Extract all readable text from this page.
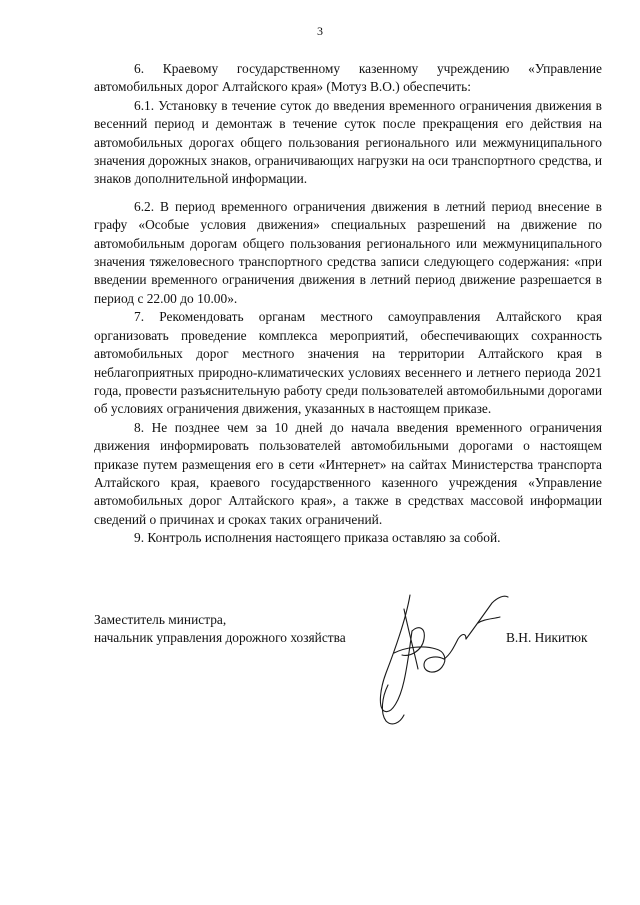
3

6. Краевому государственному казенному учреждению «Управление автомобильных дорог Алтайского края» (Мотуз В.О.) обеспечить:

6.1. Установку в течение суток до введения временного ограничения движения в весенний период и демонтаж в течение суток после прекращения его действия на автомобильных дорогах общего пользования регионального или межмуниципального значения дорожных знаков, ограничивающих нагрузки на оси транспортного средства, и знаков дополнительной информации.

6.2. В период временного ограничения движения в летний период внесение в графу «Особые условия движения» специальных разрешений на движение по автомобильным дорогам общего пользования регионального или межмуниципального значения тяжеловесного транспортного средства записи следующего содержания: «при введении временного ограничения движения в летний период движение разрешается в период с 22.00 до 10.00».

7. Рекомендовать органам местного самоуправления Алтайского края организовать проведение комплекса мероприятий, обеспечивающих сохранность автомобильных дорог местного значения на территории Алтайского края в неблагоприятных природно-климатических условиях весеннего и летнего периода 2021 года, провести разъяснительную работу среди пользователей автомобильными дорогами об условиях ограничения движения, указанных в настоящем приказе.

8. Не позднее чем за 10 дней до начала введения временного ограничения движения информировать пользователей автомобильными дорогами о настоящем приказе путем размещения его в сети «Интернет» на сайтах Министерства транспорта Алтайского края, краевого государственного казенного учреждения «Управление автомобильных дорог Алтайского края», а также в средствах массовой информации сведений о причинах и сроках таких ограничений.

9. Контроль исполнения настоящего приказа оставляю за собой.

Заместитель министра,
начальник управления дорожного хозяйства	В.Н. Никитюк
